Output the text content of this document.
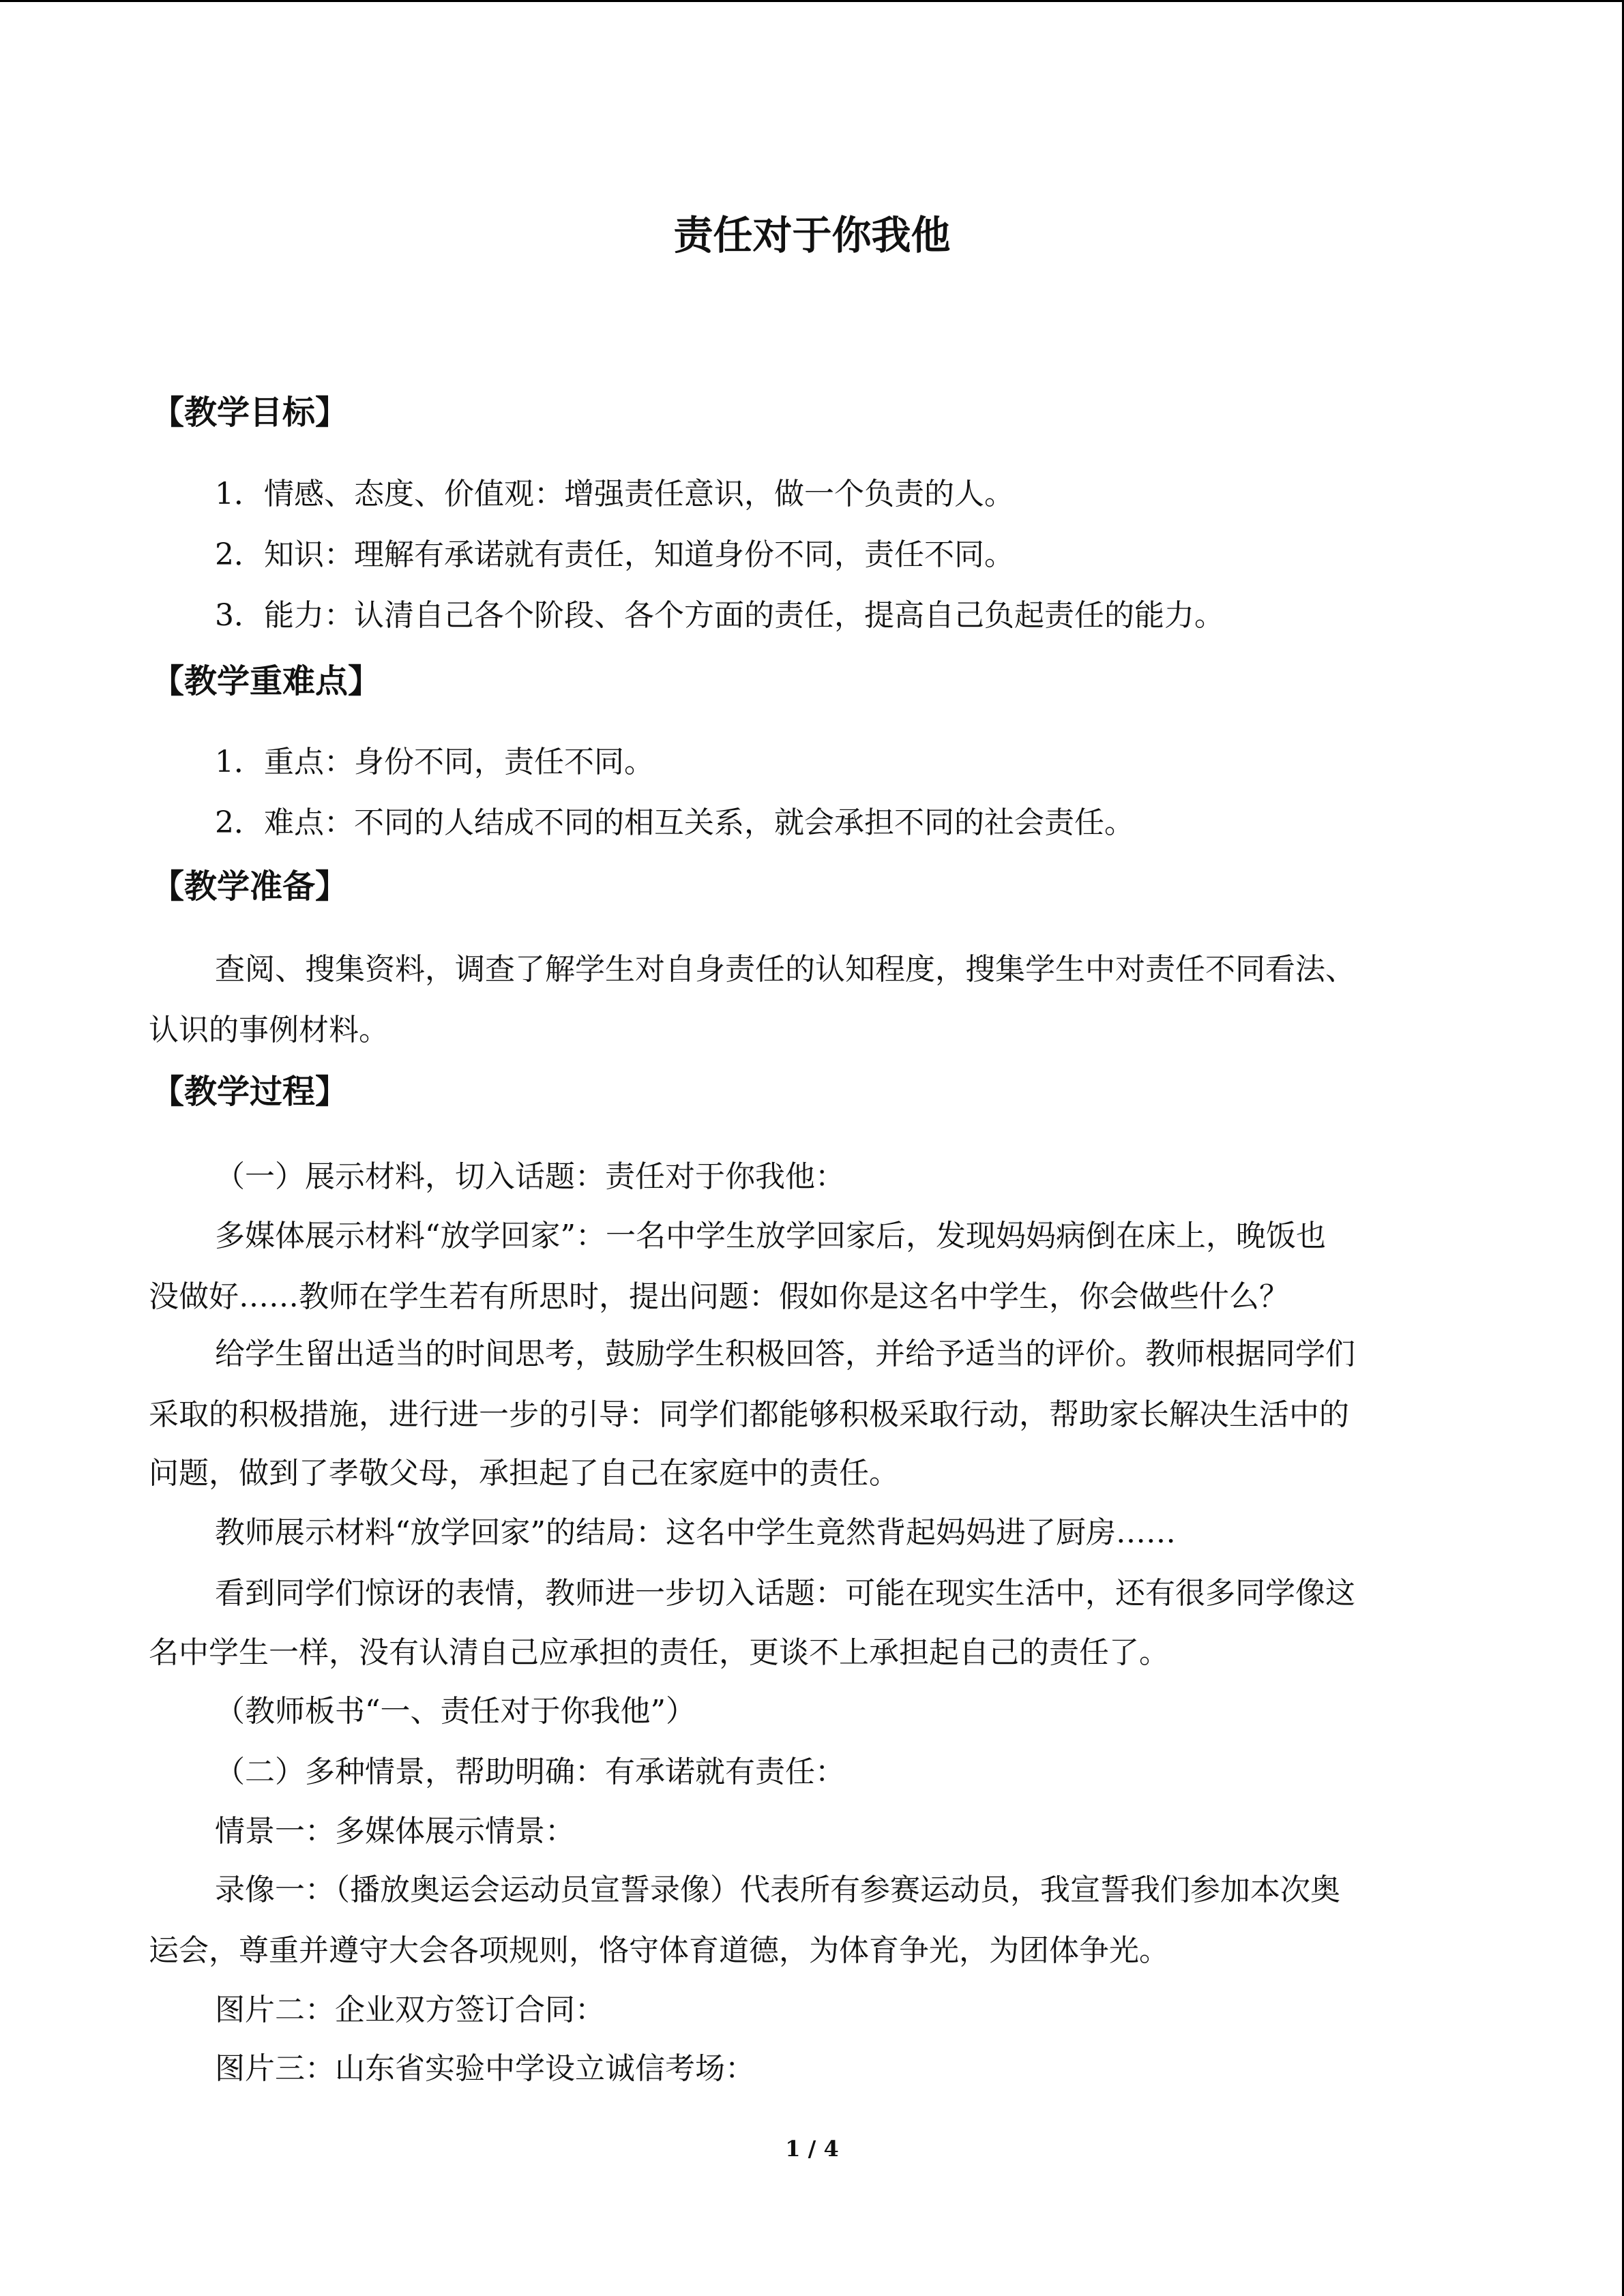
责任对于你我他
【教学目标】
1．情感、态度、价值观：增强责任意识，做一个负责的人。
2．知识：理解有承诺就有责任，知道身份不同，责任不同。
3．能力：认清自己各个阶段、各个方面的责任，提高自己负起责任的能力。
【教学重难点】
1．重点：身份不同，责任不同。
2．难点：不同的人结成不同的相互关系，就会承担不同的社会责任。
【教学准备】
查阅、搜集资料，调查了解学生对自身责任的认知程度，搜集学生中对责任不同看法、
认识的事例材料。
【教学过程】
（一）展示材料，切入话题：责任对于你我他：
多媒体展示材料“放学回家”：一名中学生放学回家后，发现妈妈病倒在床上，晚饭也
没做好……教师在学生若有所思时，提出问题：假如你是这名中学生，你会做些什么？
给学生留出适当的时间思考，鼓励学生积极回答，并给予适当的评价。教师根据同学们
采取的积极措施，进行进一步的引导：同学们都能够积极采取行动，帮助家长解决生活中的
问题，做到了孝敬父母，承担起了自己在家庭中的责任。
教师展示材料“放学回家”的结局：这名中学生竟然背起妈妈进了厨房……
看到同学们惊讶的表情，教师进一步切入话题：可能在现实生活中，还有很多同学像这
名中学生一样，没有认清自己应承担的责任，更谈不上承担起自己的责任了。
（教师板书“一、责任对于你我他”）
（二）多种情景，帮助明确：有承诺就有责任：
情景一：多媒体展示情景：
录像一：（播放奥运会运动员宣誓录像）代表所有参赛运动员，我宣誓我们参加本次奥
运会，尊重并遵守大会各项规则，恪守体育道德，为体育争光，为团体争光。
图片二：企业双方签订合同：
图片三：山东省实验中学设立诚信考场：
1 / 4
